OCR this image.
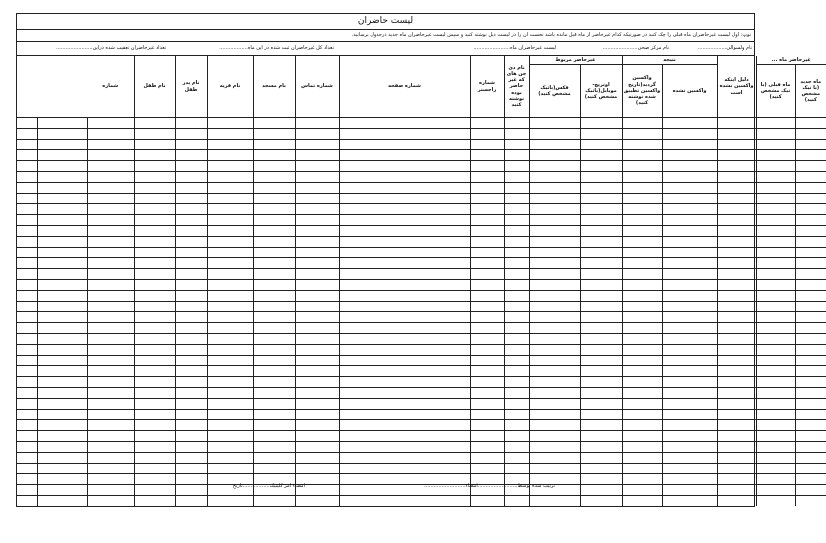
لیست حاضران
نوټ: اول لیست غیرحاضران ماه قبلی را چک کنید در صورتیکه کدام غیرحاضر از ماه قبل مانده باشد نخست ان را در لیست ذیل نوشته کنید و سپس لیست غیرحاضران ماه جدید درجدول برسانید.
نام ولسوالی..................
نام مرکز صحی......................
لیست غیرحاضران ماه.......................
تعداد کل غیرحاضران ثبت شده در این ماه..................
تعداد غیرحاضران تعقیب شده دراین.......................
غیرحاضر ماه ...		دلیل اینکه واکسین نشده است	نتیجه		غیرحاضر مربوط		نام دی جن های که غیر حاضر بوده نوشته کنید	شماره راجستر	شماره صفحه	شماره تماس	نام مسجد	نام قریه	نام پدر طفل	نام طفل	شماره		
ماه جدید (با تیک مشخص کنید)	ماه قبلی (با تیک مشخص کنید)		واکسین نشده	واکسین گردید(تاریخ واکسین تطبیق شده نوشته کنید)	اوتریچ- موبایل(باتیک مشخص کنید)	فکس(باتیک مشخص کنید)											

ترتیب شده توسط.........................امضاء..........................
امضاء امر کلینیک.................تاریخ
